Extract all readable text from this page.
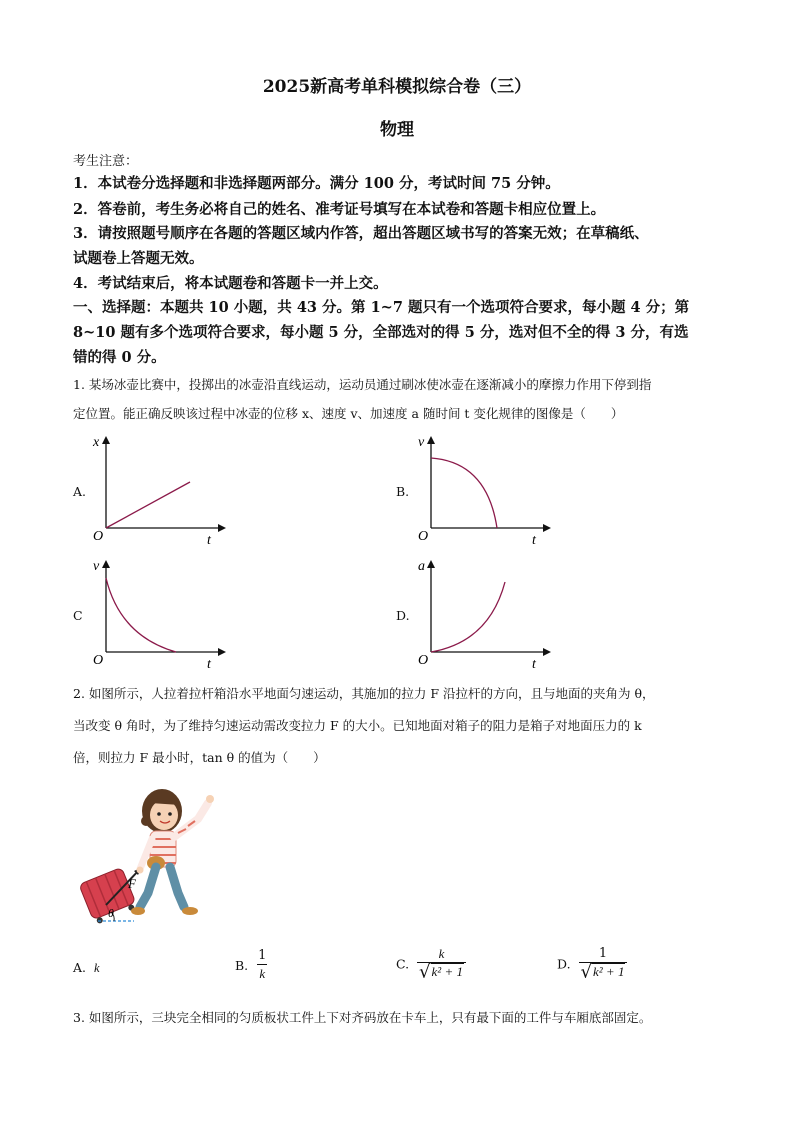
2025新高考单科模拟综合卷（三）
物理
考生注意：
1．本试卷分选择题和非选择题两部分。满分 100 分，考试时间 75 分钟。
2．答卷前，考生务必将自己的姓名、准考证号填写在本试卷和答题卡相应位置上。
3．请按照题号顺序在各题的答题区域内作答，超出答题区域书写的答案无效；在草稿纸、
试题卷上答题无效。
4．考试结束后，将本试题卷和答题卡一并上交。
一、选择题：本题共 10 小题，共 43 分。第 1~7 题只有一个选项符合要求，每小题 4 分；第
8~10 题有多个选项符合要求，每小题 5 分，全部选对的得 5 分，选对但不全的得 3 分，有选
错的得 0 分。
1. 某场冰壶比赛中，投掷出的冰壶沿直线运动，运动员通过刷冰使冰壶在逐渐减小的摩擦力作用下停到指
定位置。能正确反映该过程中冰壶的位移 x、速度 v、加速度 a 随时间 t 变化规律的图像是（　　）
A.
x
t
O
B.
v
t
O
C
v
t
O
D.
a
t
O
2. 如图所示，人拉着拉杆箱沿水平地面匀速运动，其施加的拉力 F 沿拉杆的方向，且与地面的夹角为 θ，
当改变 θ 角时，为了维持匀速运动需改变拉力 F 的大小。已知地面对箱子的阻力是箱子对地面压力的 k
倍，则拉力 F 最小时，tan θ 的值为（　　）
θ
F
A. k	B. $\frac{1}{k}$	C. $\frac{k}{\text{√k² + 1}}$	D. $\frac{1}{\text{√k² + 1}}$
3. 如图所示，三块完全相同的匀质板状工件上下对齐码放在卡车上，只有最下面的工件与车厢底部固定。
